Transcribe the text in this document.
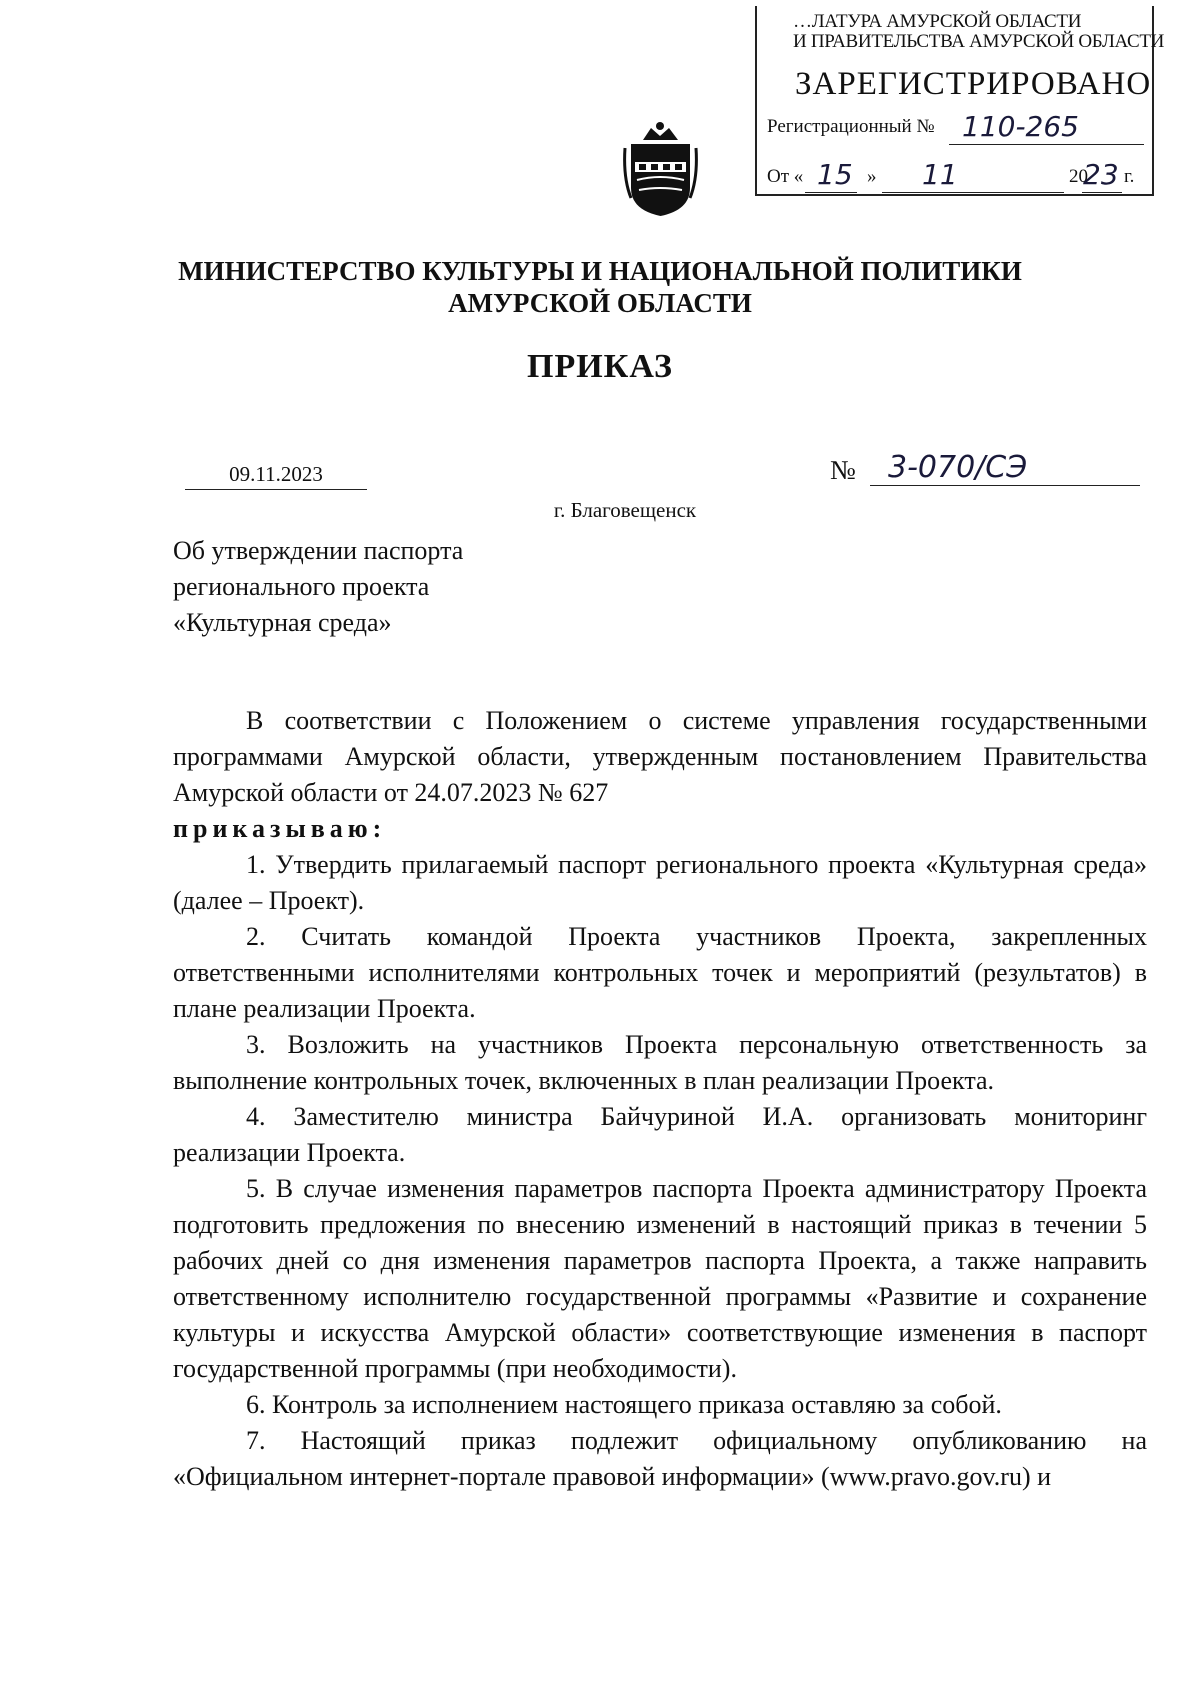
…ЛАТУРА АМУРСКОЙ ОБЛАСТИ
И ПРАВИТЕЛЬСТВА АМУРСКОЙ ОБЛАСТИ
ЗАРЕГИСТРИРОВАНО
Регистрационный № 110-265
От «	»	20 г.
15 11	23
МИНИСТЕРСТВО КУЛЬТУРЫ И НАЦИОНАЛЬНОЙ ПОЛИТИКИ
АМУРСКОЙ ОБЛАСТИ
ПРИКАЗ
09.11.2023	№ 3-070/СЭ
г. Благовещенск
Об утверждении паспорта
регионального проекта
«Культурная среда»

В соответствии с Положением о системе управления государственными программами Амурской области, утвержденным постановлением Правительства Амурской области от 24.07.2023 № 627

приказываю:

1. Утвердить прилагаемый паспорт регионального проекта «Культурная среда» (далее – Проект).

2. Считать командой Проекта участников Проекта, закрепленных ответственными исполнителями контрольных точек и мероприятий (результатов) в плане реализации Проекта.

3. Возложить на участников Проекта персональную ответственность за выполнение контрольных точек, включенных в план реализации Проекта.

4. Заместителю министра Байчуриной И.А. организовать мониторинг реализации Проекта.

5. В случае изменения параметров паспорта Проекта администратору Проекта подготовить предложения по внесению изменений в настоящий приказ в течении 5 рабочих дней со дня изменения параметров паспорта Проекта, а также направить ответственному исполнителю государственной программы «Развитие и сохранение культуры и искусства Амурской области» соответствующие изменения в паспорт государственной программы (при необходимости).

6. Контроль за исполнением настоящего приказа оставляю за собой.

7. Настоящий приказ подлежит официальному опубликованию на «Официальном интернет-портале правовой информации» (www.pravo.gov.ru) и
